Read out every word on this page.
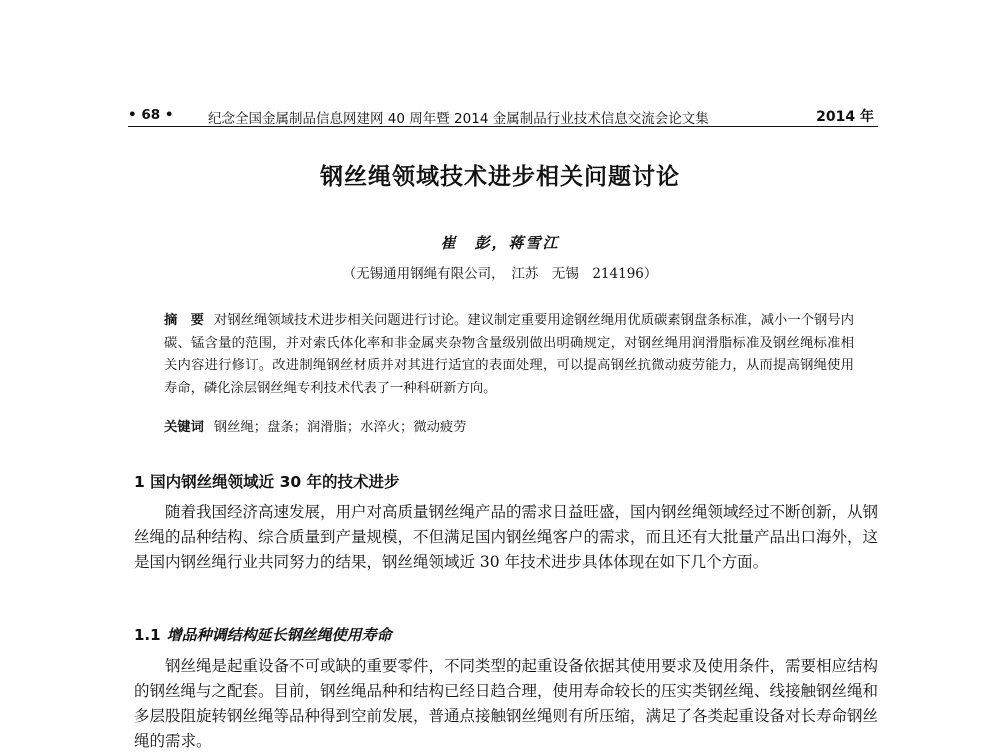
• 68 •	纪念全国金属制品信息网建网 40 周年暨 2014 金属制品行业技术信息交流会论文集	2014 年
钢丝绳领域技术进步相关问题讨论
崔　彭，蒋雪江
（无锡通用钢绳有限公司，　江苏　无锡　214196）
摘　要 对钢丝绳领域技术进步相关问题进行讨论。建议制定重要用途钢丝绳用优质碳素钢盘条标准，减小一个钢号内碳、锰含量的范围，并对索氏体化率和非金属夹杂物含量级别做出明确规定，对钢丝绳用润滑脂标准及钢丝绳标准相关内容进行修订。改进制绳钢丝材质并对其进行适宜的表面处理，可以提高钢丝抗微动疲劳能力，从而提高钢绳使用寿命，磷化涂层钢丝绳专利技术代表了一种科研新方向。
关键词 钢丝绳；盘条；润滑脂；水淬火；微动疲劳
1 国内钢丝绳领域近 30 年的技术进步
随着我国经济高速发展，用户对高质量钢丝绳产品的需求日益旺盛，国内钢丝绳领域经过不断创新，从钢丝绳的品种结构、综合质量到产量规模，不但满足国内钢丝绳客户的需求，而且还有大批量产品出口海外，这是国内钢丝绳行业共同努力的结果，钢丝绳领域近 30 年技术进步具体体现在如下几个方面。
1.1 增品种调结构延长钢丝绳使用寿命
钢丝绳是起重设备不可或缺的重要零件，不同类型的起重设备依据其使用要求及使用条件，需要相应结构的钢丝绳与之配套。目前，钢丝绳品种和结构已经日趋合理，使用寿命较长的压实类钢丝绳、线接触钢丝绳和多层股阻旋转钢丝绳等品种得到空前发展，普通点接触钢丝绳则有所压缩，满足了各类起重设备对长寿命钢丝绳的需求。
